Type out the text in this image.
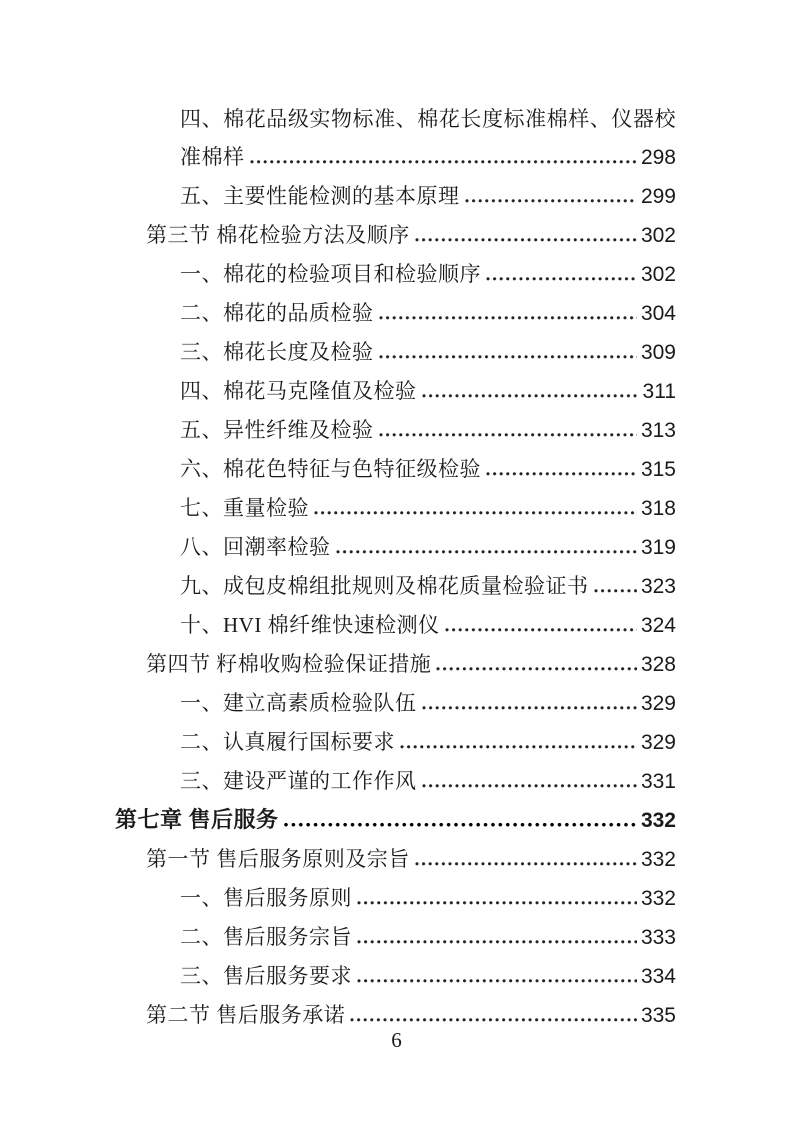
四、棉花品级实物标准、棉花长度标准棉样、仪器校
准棉样	298
五、主要性能检测的基本原理	299
第三节 棉花检验方法及顺序	302
一、棉花的检验项目和检验顺序	302
二、棉花的品质检验	304
三、棉花长度及检验	309
四、棉花马克隆值及检验	311
五、异性纤维及检验	313
六、棉花色特征与色特征级检验	315
七、重量检验	318
八、回潮率检验	319
九、成包皮棉组批规则及棉花质量检验证书 323
十、HVI 棉纤维快速检测仪	324
第四节 籽棉收购检验保证措施	328
一、建立高素质检验队伍	329
二、认真履行国标要求	329
三、建设严谨的工作作风	331
第七章 售后服务	332
第一节 售后服务原则及宗旨	332
一、售后服务原则	332
二、售后服务宗旨	333
三、售后服务要求	334
第二节 售后服务承诺	335
6
